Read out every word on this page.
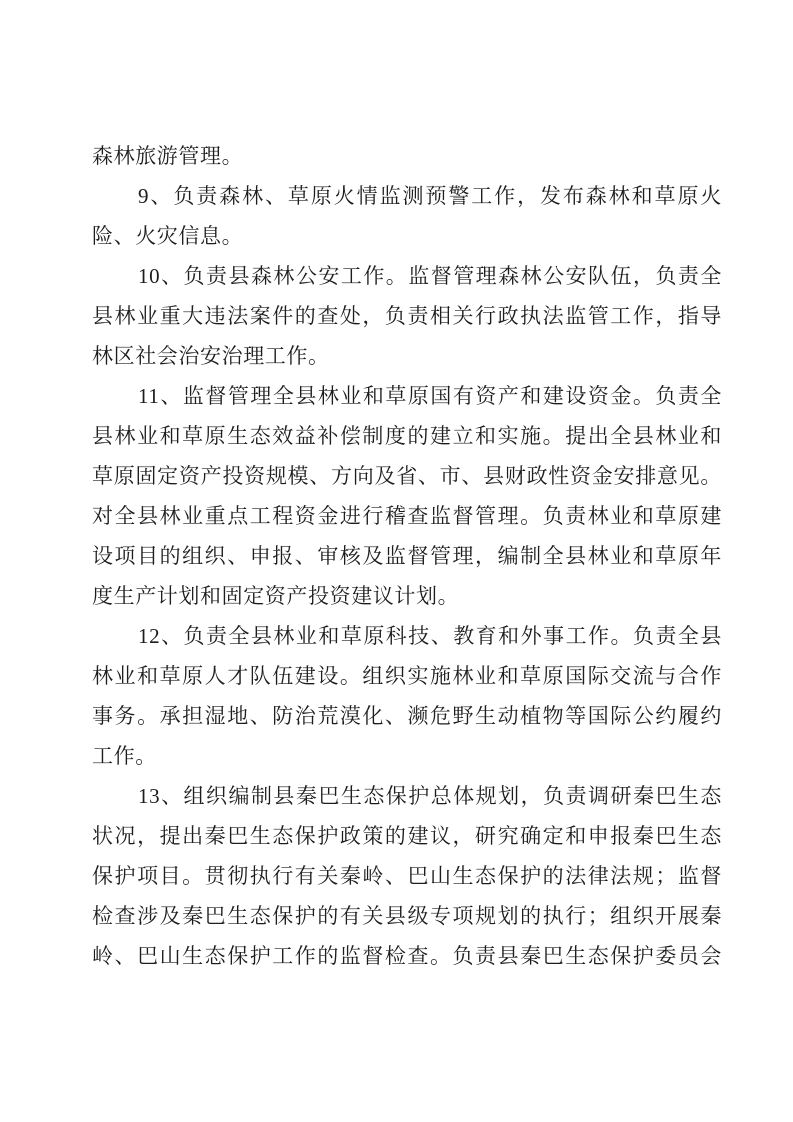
森林旅游管理。
9、负责森林、草原火情监测预警工作，发布森林和草原火
险、火灾信息。
10、负责县森林公安工作。监督管理森林公安队伍，负责全
县林业重大违法案件的查处，负责相关行政执法监管工作，指导
林区社会治安治理工作。
11、监督管理全县林业和草原国有资产和建设资金。负责全
县林业和草原生态效益补偿制度的建立和实施。提出全县林业和
草原固定资产投资规模、方向及省、市、县财政性资金安排意见。
对全县林业重点工程资金进行稽查监督管理。负责林业和草原建
设项目的组织、申报、审核及监督管理，编制全县林业和草原年
度生产计划和固定资产投资建议计划。
12、负责全县林业和草原科技、教育和外事工作。负责全县
林业和草原人才队伍建设。组织实施林业和草原国际交流与合作
事务。承担湿地、防治荒漠化、濒危野生动植物等国际公约履约
工作。
13、组织编制县秦巴生态保护总体规划，负责调研秦巴生态
状况，提出秦巴生态保护政策的建议，研究确定和申报秦巴生态
保护项目。贯彻执行有关秦岭、巴山生态保护的法律法规；监督
检查涉及秦巴生态保护的有关县级专项规划的执行；组织开展秦
岭、巴山生态保护工作的监督检查。负责县秦巴生态保护委员会
